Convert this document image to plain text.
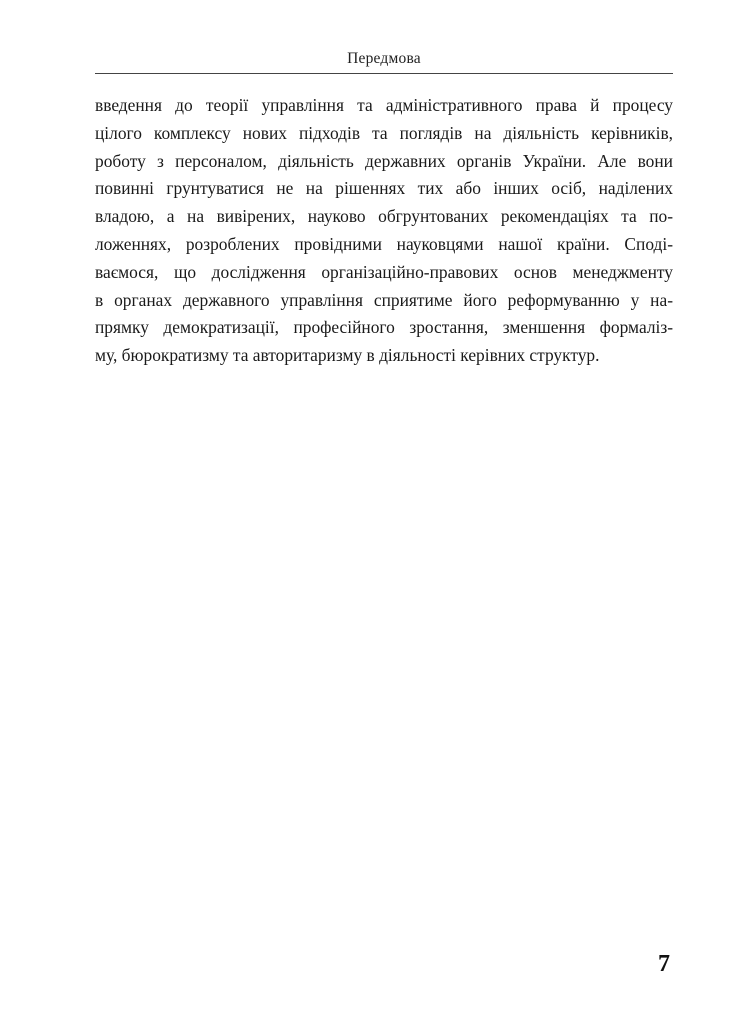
Передмова
введення до теорії управління та адміністративного права й процесу
цілого комплексу нових підходів та поглядів на діяльність керівників,
роботу з персоналом, діяльність державних органів України. Але вони
повинні грунтуватися не на рішеннях тих або інших осіб, наділених
владою, а на вивірених, науково обгрунтованих рекомендаціях та по-
ложеннях, розроблених провідними науковцями нашої країни. Сподi-
ваємося, що дослідження організаційно-правових основ менеджменту
в органах державного управління сприятиме його реформуванню у на-
прямку демократизації, професійного зростання, зменшення формалiз-
му, бюрократизму та авторитаризму в діяльності керівних структур.
7
